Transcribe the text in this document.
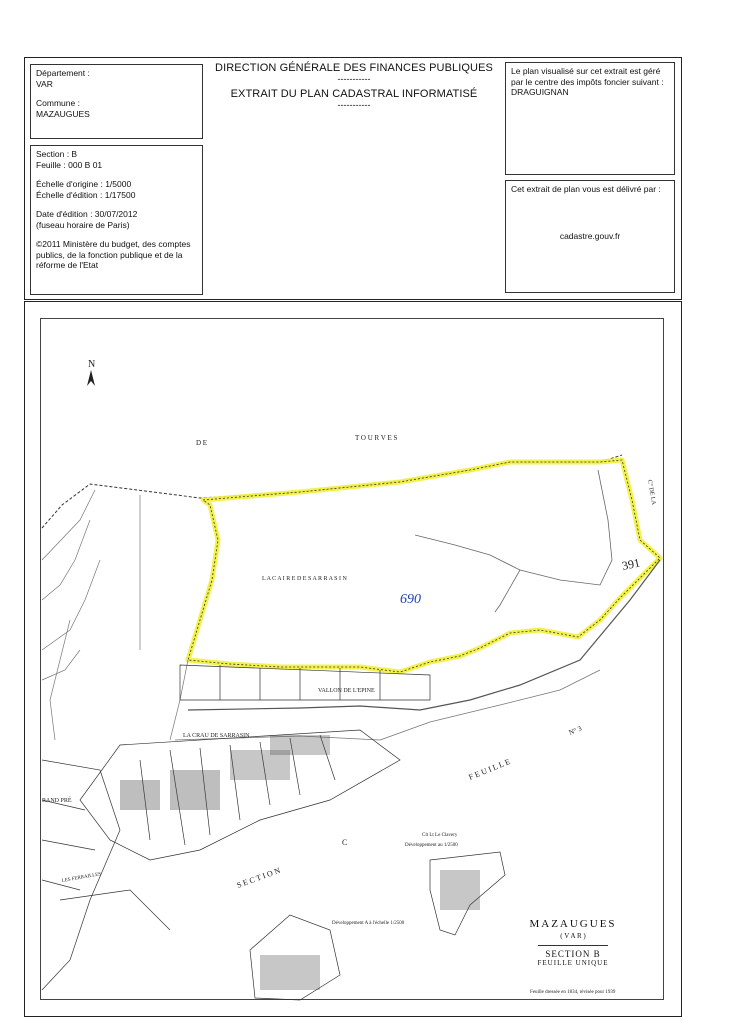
Département :

VAR

Commune :

MAZAUGUES

Section : B

Feuille : 000 B 01

Échelle d'origine : 1/5000

Échelle d'édition : 1/17500

Date d'édition : 30/07/2012

(fuseau horaire de Paris)

©2011 Ministère du budget, des comptes

publics, de la fonction publique et de la

réforme de l'Etat

DIRECTION GÉNÉRALE DES FINANCES PUBLIQUES
-----------
EXTRAIT DU PLAN CADASTRAL INFORMATISÉ
-----------

Le plan visualisé sur cet extrait est géré

par le centre des impôts foncier suivant :

DRAGUIGNAN

Cet extrait de plan vous est délivré par :

cadastre.gouv.fr

N
D E
T O U R V E S
L A C A I R E D E S A R R A S I N
690
391
VALLON DE L'EPINE
LA CRAU DE SARRASIN
F E U I L L E
N° 3
S E C T I O N
C
RAND PRÉ
LES FERRAILLES
C° DE LA
Clt Lt Le Clavery
Développement au 1/2500
Développement A à l'échelle 1/2500
Feuille dressée en 1834, révisée pour 1939
MAZAUGUES
( V A R )
SECTION B
FEUILLE UNIQUE
